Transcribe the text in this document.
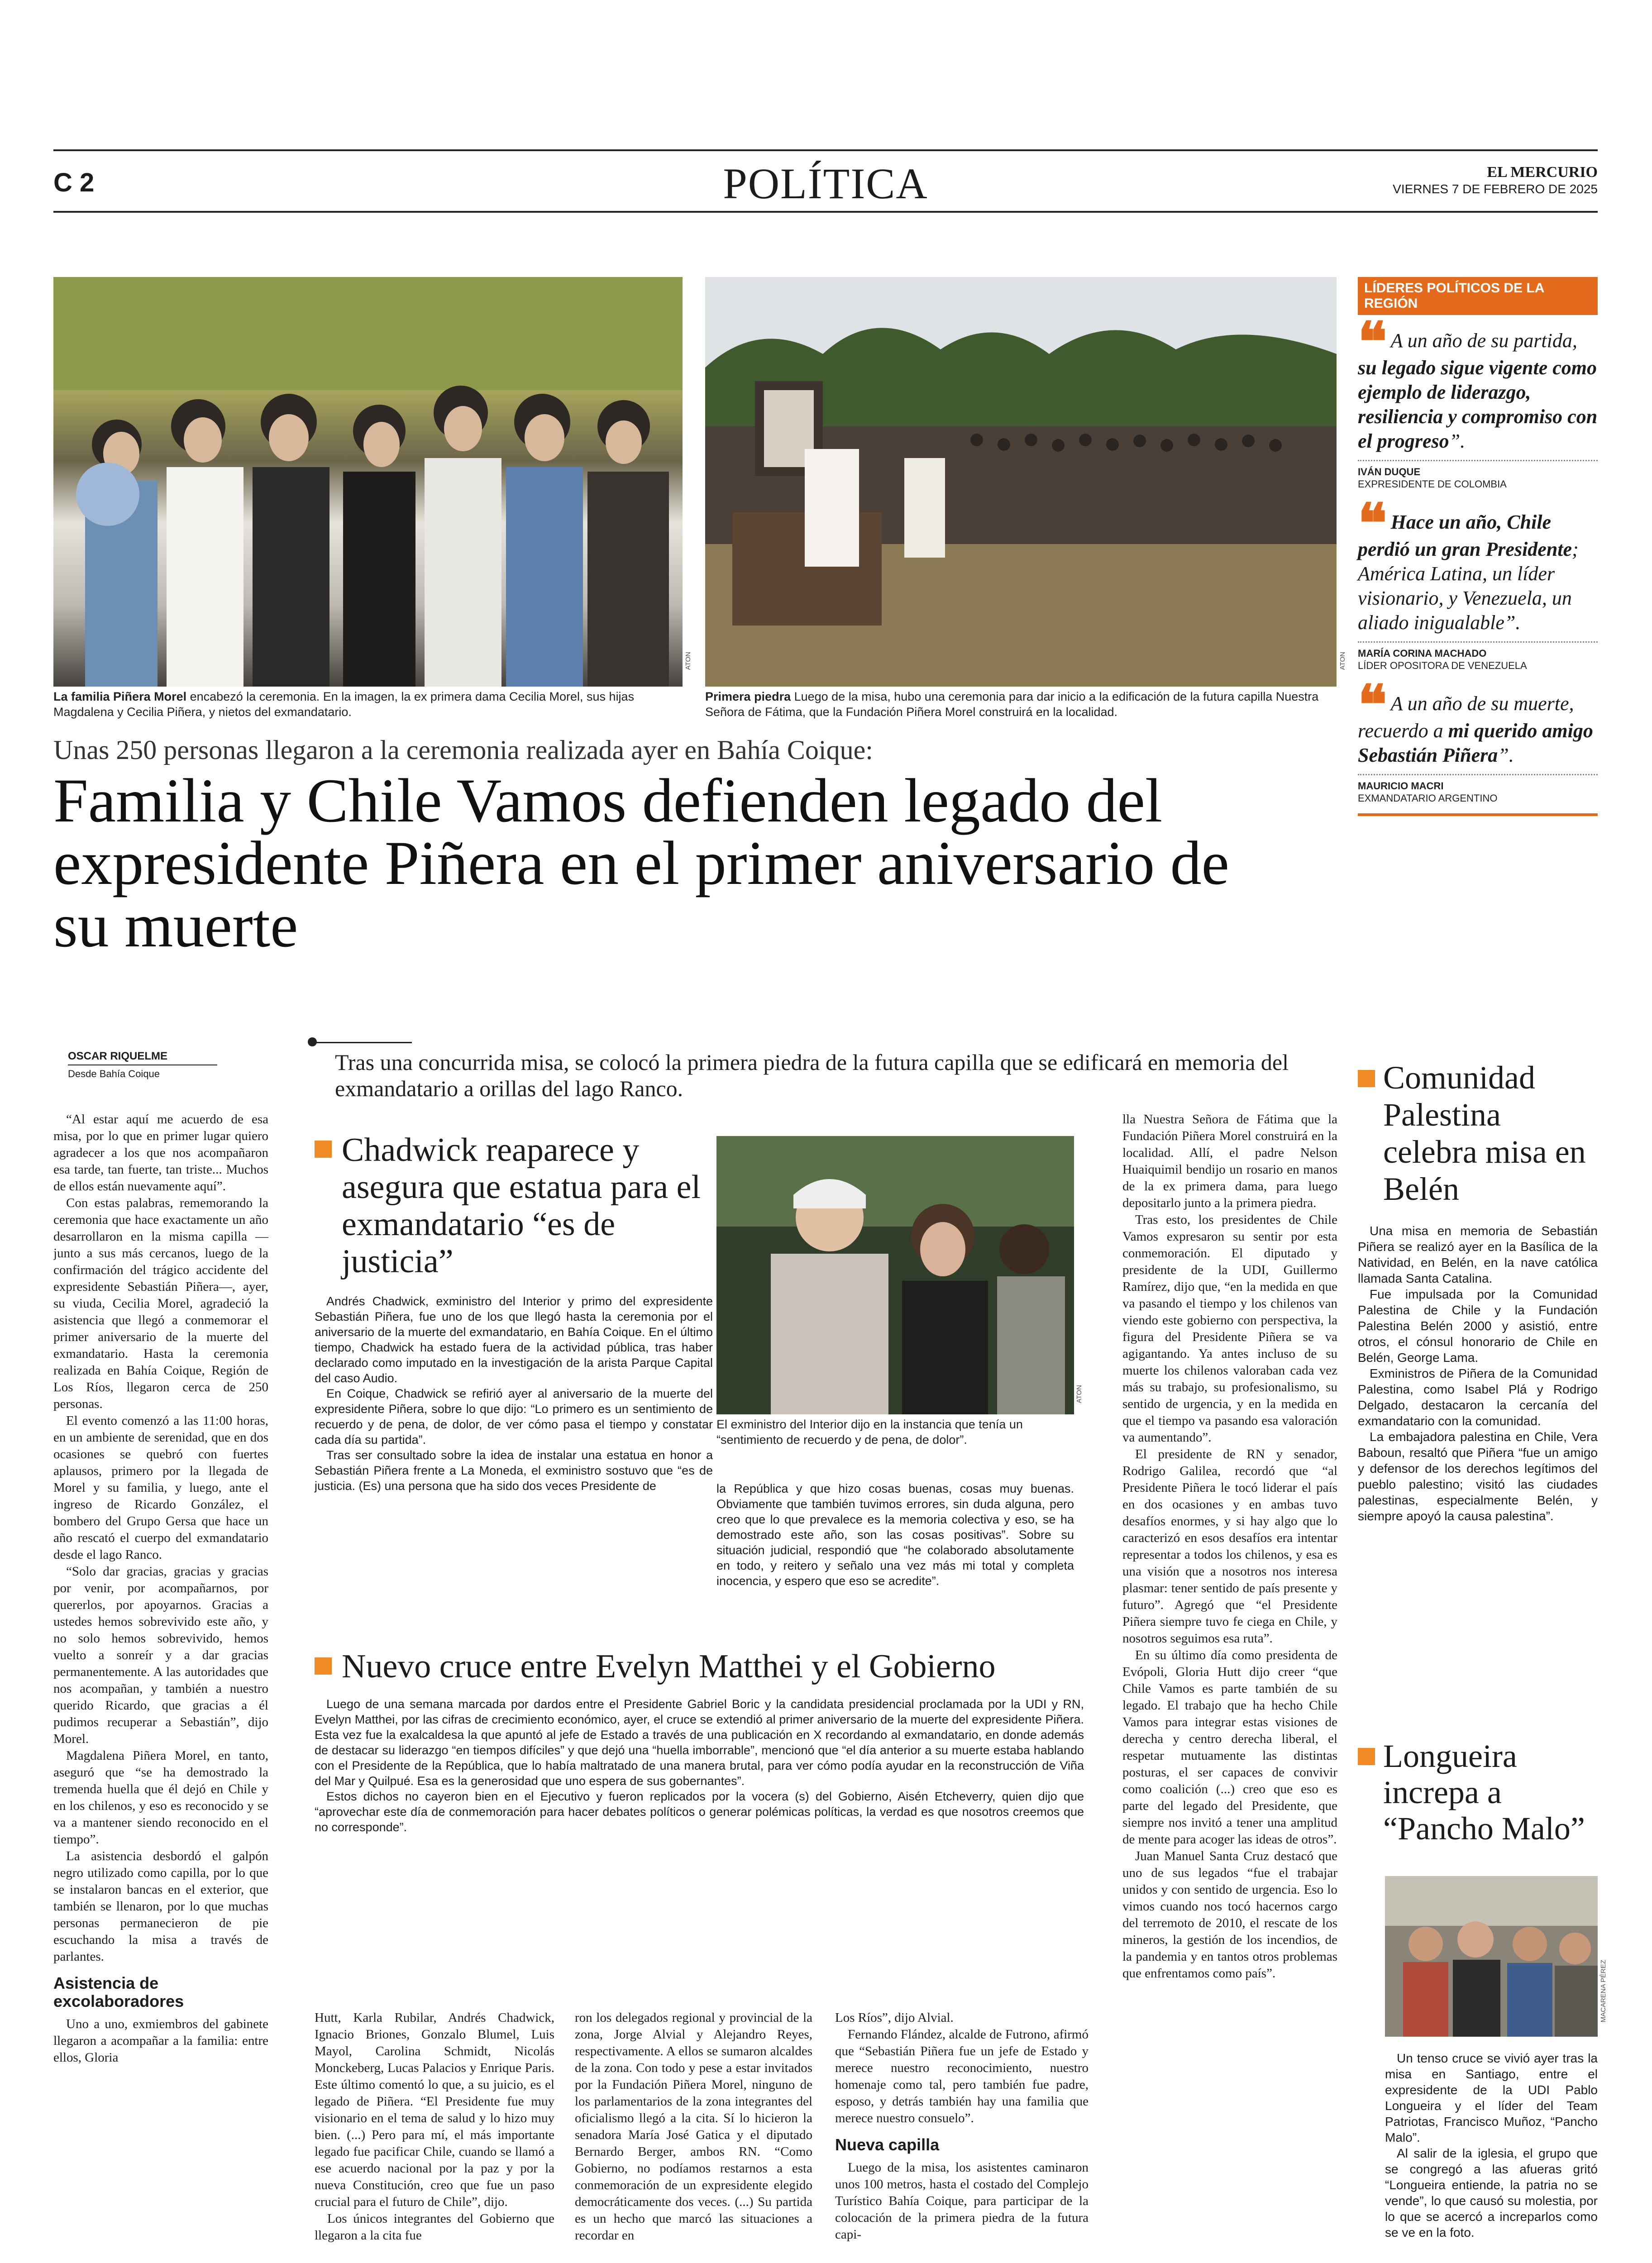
C 2	POLÍTICA	EL MERCURIO
VIERNES 7 DE FEBRERO DE 2025
ATON	ATON
La familia Piñera Morel encabezó la ceremonia. En la imagen, la ex primera dama Cecilia Morel, sus hijas Magdalena y Cecilia Piñera, y nietos del exmandatario.
Primera piedra Luego de la misa, hubo una ceremonia para dar inicio a la edificación de la futura capilla Nuestra Señora de Fátima, que la Fundación Piñera Morel construirá en la localidad.
Unas 250 personas llegaron a la ceremonia realizada ayer en Bahía Coique:
Familia y Chile Vamos defienden legado del expresidente Piñera en el primer aniversario de su muerte
OSCAR RIQUELME
Desde Bahía Coique	Tras una concurrida misa, se colocó la primera piedra de la futura capilla que se edificará en memoria del exmandatario a orillas del lago Ranco.

“Al estar aquí me acuerdo de esa misa, por lo que en primer lugar quiero agradecer a los que nos acompañaron esa tarde, tan fuerte, tan triste... Muchos de ellos están nuevamente aquí”.

Con estas palabras, rememorando la ceremonia que hace exactamente un año desarrollaron en la misma capilla —junto a sus más cercanos, luego de la confirmación del trágico accidente del expresidente Sebastián Piñera—, ayer, su viuda, Cecilia Morel, agradeció la asistencia que llegó a conmemorar el primer aniversario de la muerte del exmandatario. Hasta la ceremonia realizada en Bahía Coique, Región de Los Ríos, llegaron cerca de 250 personas.

El evento comenzó a las 11:00 horas, en un ambiente de serenidad, que en dos ocasiones se quebró con fuertes aplausos, primero por la llegada de Morel y su familia, y luego, ante el ingreso de Ricardo González, el bombero del Grupo Gersa que hace un año rescató el cuerpo del exmandatario desde el lago Ranco.

“Solo dar gracias, gracias y gracias por venir, por acompañarnos, por quererlos, por apoyarnos. Gracias a ustedes hemos sobrevivido este año, y no solo hemos sobrevivido, hemos vuelto a sonreír y a dar gracias permanentemente. A las autoridades que nos acompañan, y también a nuestro querido Ricardo, que gracias a él pudimos recuperar a Sebastián”, dijo Morel.

Magdalena Piñera Morel, en tanto, aseguró que “se ha demostrado la tremenda huella que él dejó en Chile y en los chilenos, y eso es reconocido y se va a mantener siendo reconocido en el tiempo”.

La asistencia desbordó el galpón negro utilizado como capilla, por lo que se instalaron bancas en el exterior, que también se llenaron, por lo que muchas personas permanecieron de pie escuchando la misa a través de parlantes.

Asistencia de excolaboradores

Uno a uno, exmiembros del gabinete llegaron a acompañar a la familia: entre ellos, Gloria

Chadwick reaparece y asegura que estatua para el exmandatario “es de justicia”

Andrés Chadwick, exministro del Interior y primo del expresidente Sebastián Piñera, fue uno de los que llegó hasta la ceremonia por el aniversario de la muerte del exmandatario, en Bahía Coique. En el último tiempo, Chadwick ha estado fuera de la actividad pública, tras haber declarado como imputado en la investigación de la arista Parque Capital del caso Audio.

En Coique, Chadwick se refirió ayer al aniversario de la muerte del expresidente Piñera, sobre lo que dijo: “Lo primero es un sentimiento de recuerdo y de pena, de dolor, de ver cómo pasa el tiempo y constatar cada día su partida”.

Tras ser consultado sobre la idea de instalar una estatua en honor a Sebastián Piñera frente a La Moneda, el exministro sostuvo que “es de justicia. (Es) una persona que ha sido dos veces Presidente de

ATON
El exministro del Interior dijo en la instancia que tenía un “sentimiento de recuerdo y de pena, de dolor”.
la República y que hizo cosas buenas, cosas muy buenas. Obviamente que también tuvimos errores, sin duda alguna, pero creo que lo que prevalece es la memoria colectiva y eso, se ha demostrado este año, son las cosas positivas”. Sobre su situación judicial, respondió que “he colaborado absolutamente en todo, y reitero y señalo una vez más mi total y completa inocencia, y espero que eso se acredite”.

lla Nuestra Señora de Fátima que la Fundación Piñera Morel construirá en la localidad. Allí, el padre Nelson Huaiquimil bendijo un rosario en manos de la ex primera dama, para luego depositarlo junto a la primera piedra.

Tras esto, los presidentes de Chile Vamos expresaron su sentir por esta conmemoración. El diputado y presidente de la UDI, Guillermo Ramírez, dijo que, “en la medida en que va pasando el tiempo y los chilenos van viendo este gobierno con perspectiva, la figura del Presidente Piñera se va agigantando. Ya antes incluso de su muerte los chilenos valoraban cada vez más su trabajo, su profesionalismo, su sentido de urgencia, y en la medida en que el tiempo va pasando esa valoración va aumentando”.

El presidente de RN y senador, Rodrigo Galilea, recordó que “al Presidente Piñera le tocó liderar el país en dos ocasiones y en ambas tuvo desafíos enormes, y si hay algo que lo caracterizó en esos desafíos era intentar representar a todos los chilenos, y esa es una visión que a nosotros nos interesa plasmar: tener sentido de país presente y futuro”. Agregó que “el Presidente Piñera siempre tuvo fe ciega en Chile, y nosotros seguimos esa ruta”.

En su último día como presidenta de Evópoli, Gloria Hutt dijo creer “que Chile Vamos es parte también de su legado. El trabajo que ha hecho Chile Vamos para integrar estas visiones de derecha y centro derecha liberal, el respetar mutuamente las distintas posturas, el ser capaces de convivir como coalición (...) creo que eso es parte del legado del Presidente, que siempre nos invitó a tener una amplitud de mente para acoger las ideas de otros”.

Juan Manuel Santa Cruz destacó que uno de sus legados “fue el trabajar unidos y con sentido de urgencia. Eso lo vimos cuando nos tocó hacernos cargo del terremoto de 2010, el rescate de los mineros, la gestión de los incendios, de la pandemia y en tantos otros problemas que enfrentamos como país”.

Nuevo cruce entre Evelyn Matthei y el Gobierno

Luego de una semana marcada por dardos entre el Presidente Gabriel Boric y la candidata presidencial proclamada por la UDI y RN, Evelyn Matthei, por las cifras de crecimiento económico, ayer, el cruce se extendió al primer aniversario de la muerte del expresidente Piñera. Esta vez fue la exalcaldesa la que apuntó al jefe de Estado a través de una publicación en X recordando al exmandatario, en donde además de destacar su liderazgo “en tiempos difíciles” y que dejó una “huella imborrable”, mencionó que “el día anterior a su muerte estaba hablando con el Presidente de la República, que lo había maltratado de una manera brutal, para ver cómo podía ayudar en la reconstrucción de Viña del Mar y Quilpué. Esa es la generosidad que uno espera de sus gobernantes”.

Estos dichos no cayeron bien en el Ejecutivo y fueron replicados por la vocera (s) del Gobierno, Aisén Etcheverry, quien dijo que “aprovechar este día de conmemoración para hacer debates políticos o generar polémicas políticas, la verdad es que nosotros creemos que no corresponde”.

Hutt, Karla Rubilar, Andrés Chadwick, Ignacio Briones, Gonzalo Blumel, Luis Mayol, Carolina Schmidt, Nicolás Monckeberg, Lucas Palacios y Enrique Paris. Este último comentó lo que, a su juicio, es el legado de Piñera. “El Presidente fue muy visionario en el tema de salud y lo hizo muy bien. (...) Pero para mí, el más importante legado fue pacificar Chile, cuando se llamó a ese acuerdo nacional por la paz y por la nueva Constitución, creo que fue un paso crucial para el futuro de Chile”, dijo.

Los únicos integrantes del Gobierno que llegaron a la cita fue

ron los delegados regional y provincial de la zona, Jorge Alvial y Alejandro Reyes, respectivamente. A ellos se sumaron alcaldes de la zona. Con todo y pese a estar invitados por la Fundación Piñera Morel, ninguno de los parlamentarios de la zona integrantes del oficialismo llegó a la cita. Sí lo hicieron la senadora María José Gatica y el diputado Bernardo Berger, ambos RN. “Como Gobierno, no podíamos restarnos a esta conmemoración de un expresidente elegido democráticamente dos veces. (...) Su partida es un hecho que marcó las situaciones a recordar en

Los Ríos”, dijo Alvial.

Fernando Flández, alcalde de Futrono, afirmó que “Sebastián Piñera fue un jefe de Estado y merece nuestro reconocimiento, nuestro homenaje como tal, pero también fue padre, esposo, y detrás también hay una familia que merece nuestro consuelo”.

Nueva capilla

Luego de la misa, los asistentes caminaron unos 100 metros, hasta el costado del Complejo Turístico Bahía Coique, para participar de la colocación de la primera piedra de la futura capi-

LÍDERES POLÍTICOS DE LA REGIÓN
❝ A un año de su partida, su legado sigue vigente como ejemplo de liderazgo, resiliencia y compromiso con el progreso”.
IVÁN DUQUE
EXPRESIDENTE DE COLOMBIA
❝ Hace un año, Chile perdió un gran Presidente; América Latina, un líder visionario, y Venezuela, un aliado inigualable”.
MARÍA CORINA MACHADO
LÍDER OPOSITORA DE VENEZUELA
❝ A un año de su muerte, recuerdo a mi querido amigo Sebastián Piñera”.
MAURICIO MACRI
EXMANDATARIO ARGENTINO
Comunidad Palestina celebra misa en Belén

Una misa en memoria de Sebastián Piñera se realizó ayer en la Basílica de la Natividad, en Belén, en la nave católica llamada Santa Catalina.

Fue impulsada por la Comunidad Palestina de Chile y la Fundación Palestina Belén 2000 y asistió, entre otros, el cónsul honorario de Chile en Belén, George Lama.

Exministros de Piñera de la Comunidad Palestina, como Isabel Plá y Rodrigo Delgado, destacaron la cercanía del exmandatario con la comunidad.

La embajadora palestina en Chile, Vera Baboun, resaltó que Piñera “fue un amigo y defensor de los derechos legítimos del pueblo palestino; visitó las ciudades palestinas, especialmente Belén, y siempre apoyó la causa palestina”.

Longueira increpa a “Pancho Malo”
MACARENA PÉREZ

Un tenso cruce se vivió ayer tras la misa en Santiago, entre el expresidente de la UDI Pablo Longueira y el líder del Team Patriotas, Francisco Muñoz, “Pancho Malo”.

Al salir de la iglesia, el grupo que se congregó a las afueras gritó “Longueira entiende, la patria no se vende”, lo que causó su molestia, por lo que se acercó a increparlos como se ve en la foto.
